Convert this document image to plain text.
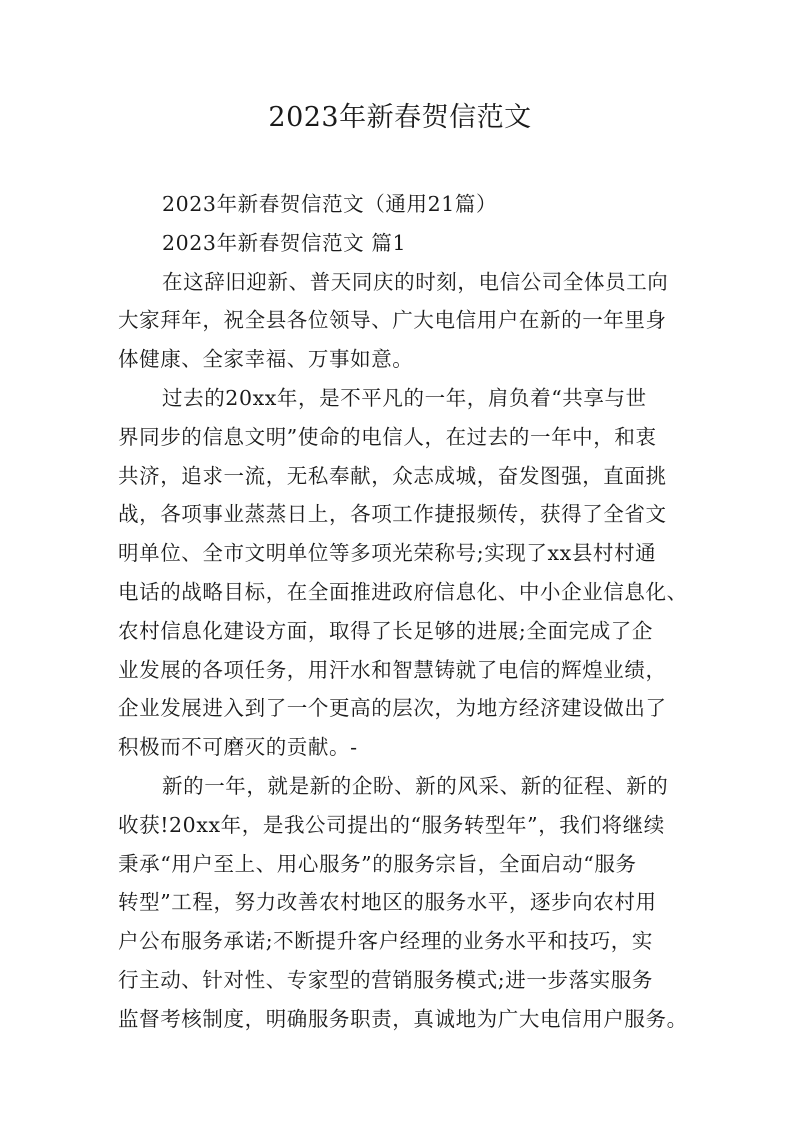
2023年新春贺信范文
2023年新春贺信范文（通用21篇）
2023年新春贺信范文 篇1
在这辞旧迎新、普天同庆的时刻，电信公司全体员工向
大家拜年，祝全县各位领导、广大电信用户在新的一年里身
体健康、全家幸福、万事如意。
过去的20xx年，是不平凡的一年，肩负着“共享与世
界同步的信息文明”使命的电信人，在过去的一年中，和衷
共济，追求一流，无私奉献，众志成城，奋发图强，直面挑
战，各项事业蒸蒸日上，各项工作捷报频传，获得了全省文
明单位、全市文明单位等多项光荣称号;实现了xx县村村通
电话的战略目标，在全面推进政府信息化、中小企业信息化、
农村信息化建设方面，取得了长足够的进展;全面完成了企
业发展的各项任务，用汗水和智慧铸就了电信的辉煌业绩，
企业发展进入到了一个更高的层次，为地方经济建设做出了
积极而不可磨灭的贡献。-
新的一年，就是新的企盼、新的风采、新的征程、新的
收获!20xx年，是我公司提出的“服务转型年”，我们将继续
秉承“用户至上、用心服务”的服务宗旨，全面启动“服务
转型”工程，努力改善农村地区的服务水平，逐步向农村用
户公布服务承诺;不断提升客户经理的业务水平和技巧，实
行主动、针对性、专家型的营销服务模式;进一步落实服务
监督考核制度，明确服务职责，真诚地为广大电信用户服务。
